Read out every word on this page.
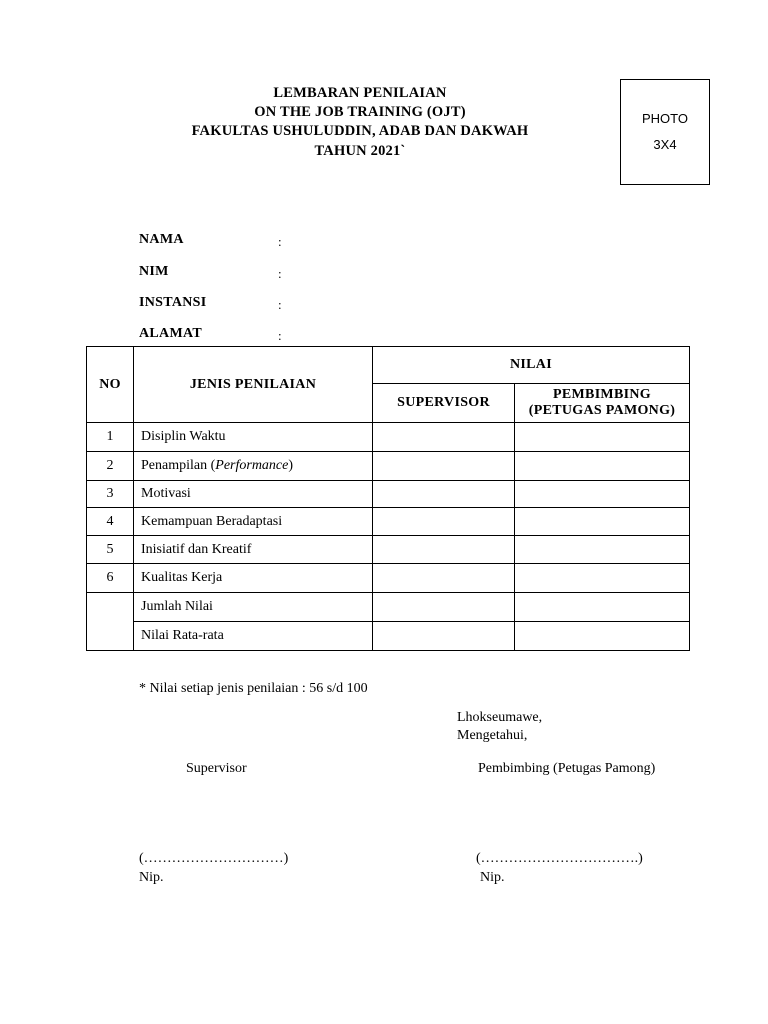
LEMBARAN PENILAIAN
ON THE JOB TRAINING (OJT)
FAKULTAS USHULUDDIN, ADAB DAN DAKWAH
TAHUN 2021`
PHOTO
3X4
NAMA	:
NIM	:
INSTANSI	:
ALAMAT	:
NO	JENIS PENILAIAN	NILAI	
		SUPERVISOR	PEMBIMBING
(PETUGAS PAMONG)

1	Disiplin Waktu		
2	Penampilan (Performance)		
3	Motivasi		
4	Kemampuan Beradaptasi		
5	Inisiatif dan Kreatif		
6	Kualitas Kerja		
	Jumlah Nilai		
	Nilai Rata-rata		
* Nilai setiap jenis penilaian : 56 s/d 100
Lhokseumawe,
Mengetahui,
Supervisor	Pembimbing (Petugas Pamong)
(…………………………)	(…………………………….)
Nip.	Nip.
